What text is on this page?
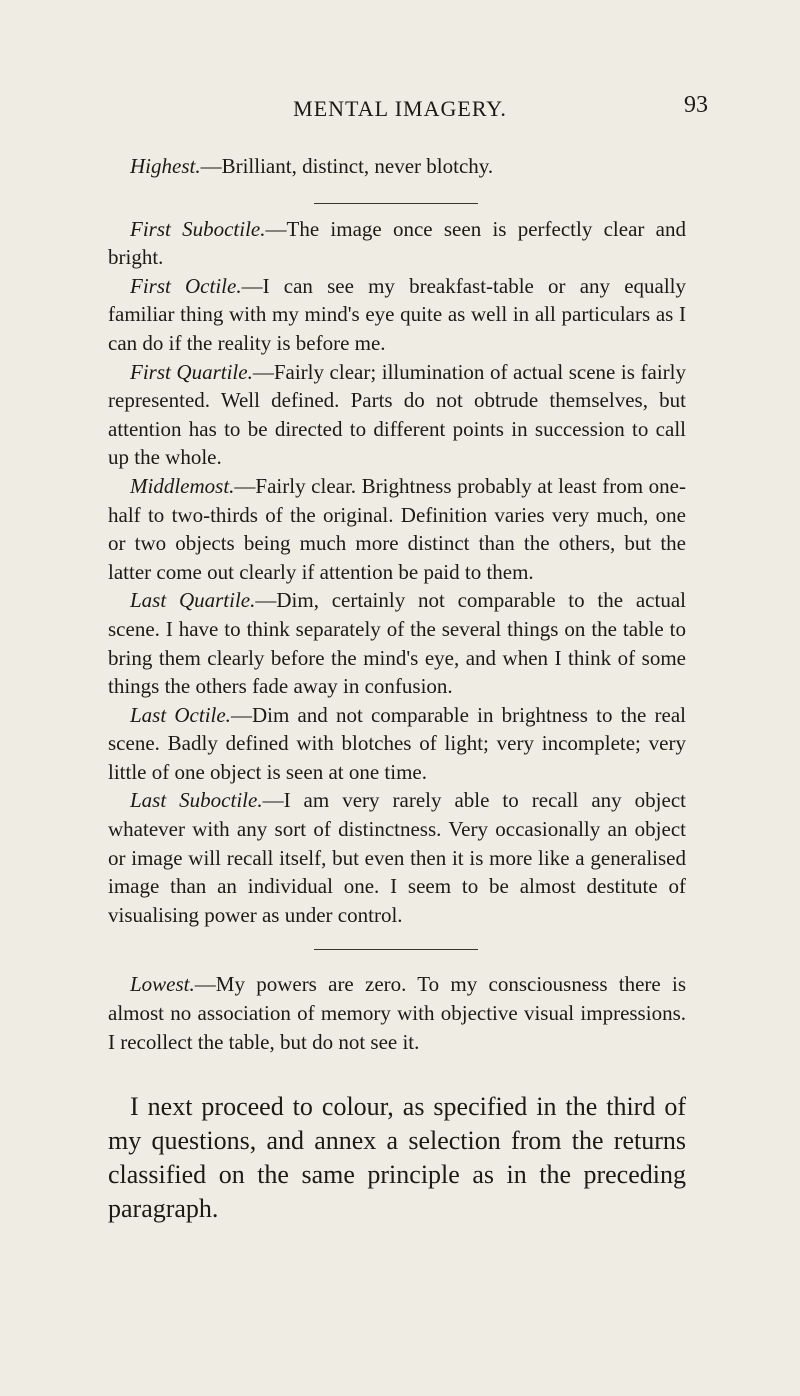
MENTAL IMAGERY.	93

Highest.—Brilliant, distinct, never blotchy.

First Suboctile.—The image once seen is perfectly clear and bright.

First Octile.—I can see my breakfast-table or any equally familiar thing with my mind's eye quite as well in all particulars as I can do if the reality is before me.

First Quartile.—Fairly clear; illumination of actual scene is fairly represented. Well defined. Parts do not obtrude themselves, but attention has to be directed to different points in succession to call up the whole.

Middlemost.—Fairly clear. Brightness probably at least from one-half to two-thirds of the original. Definition varies very much, one or two objects being much more distinct than the others, but the latter come out clearly if attention be paid to them.

Last Quartile.—Dim, certainly not comparable to the actual scene. I have to think separately of the several things on the table to bring them clearly before the mind's eye, and when I think of some things the others fade away in confusion.

Last Octile.—Dim and not comparable in brightness to the real scene. Badly defined with blotches of light; very incomplete; very little of one object is seen at one time.

Last Suboctile.—I am very rarely able to recall any object whatever with any sort of distinctness. Very occasionally an object or image will recall itself, but even then it is more like a generalised image than an individual one. I seem to be almost destitute of visualising power as under control.

Lowest.—My powers are zero. To my consciousness there is almost no association of memory with objective visual impressions. I recollect the table, but do not see it.

I next proceed to colour, as specified in the third of my questions, and annex a selection from the returns classified on the same principle as in the preceding paragraph.
